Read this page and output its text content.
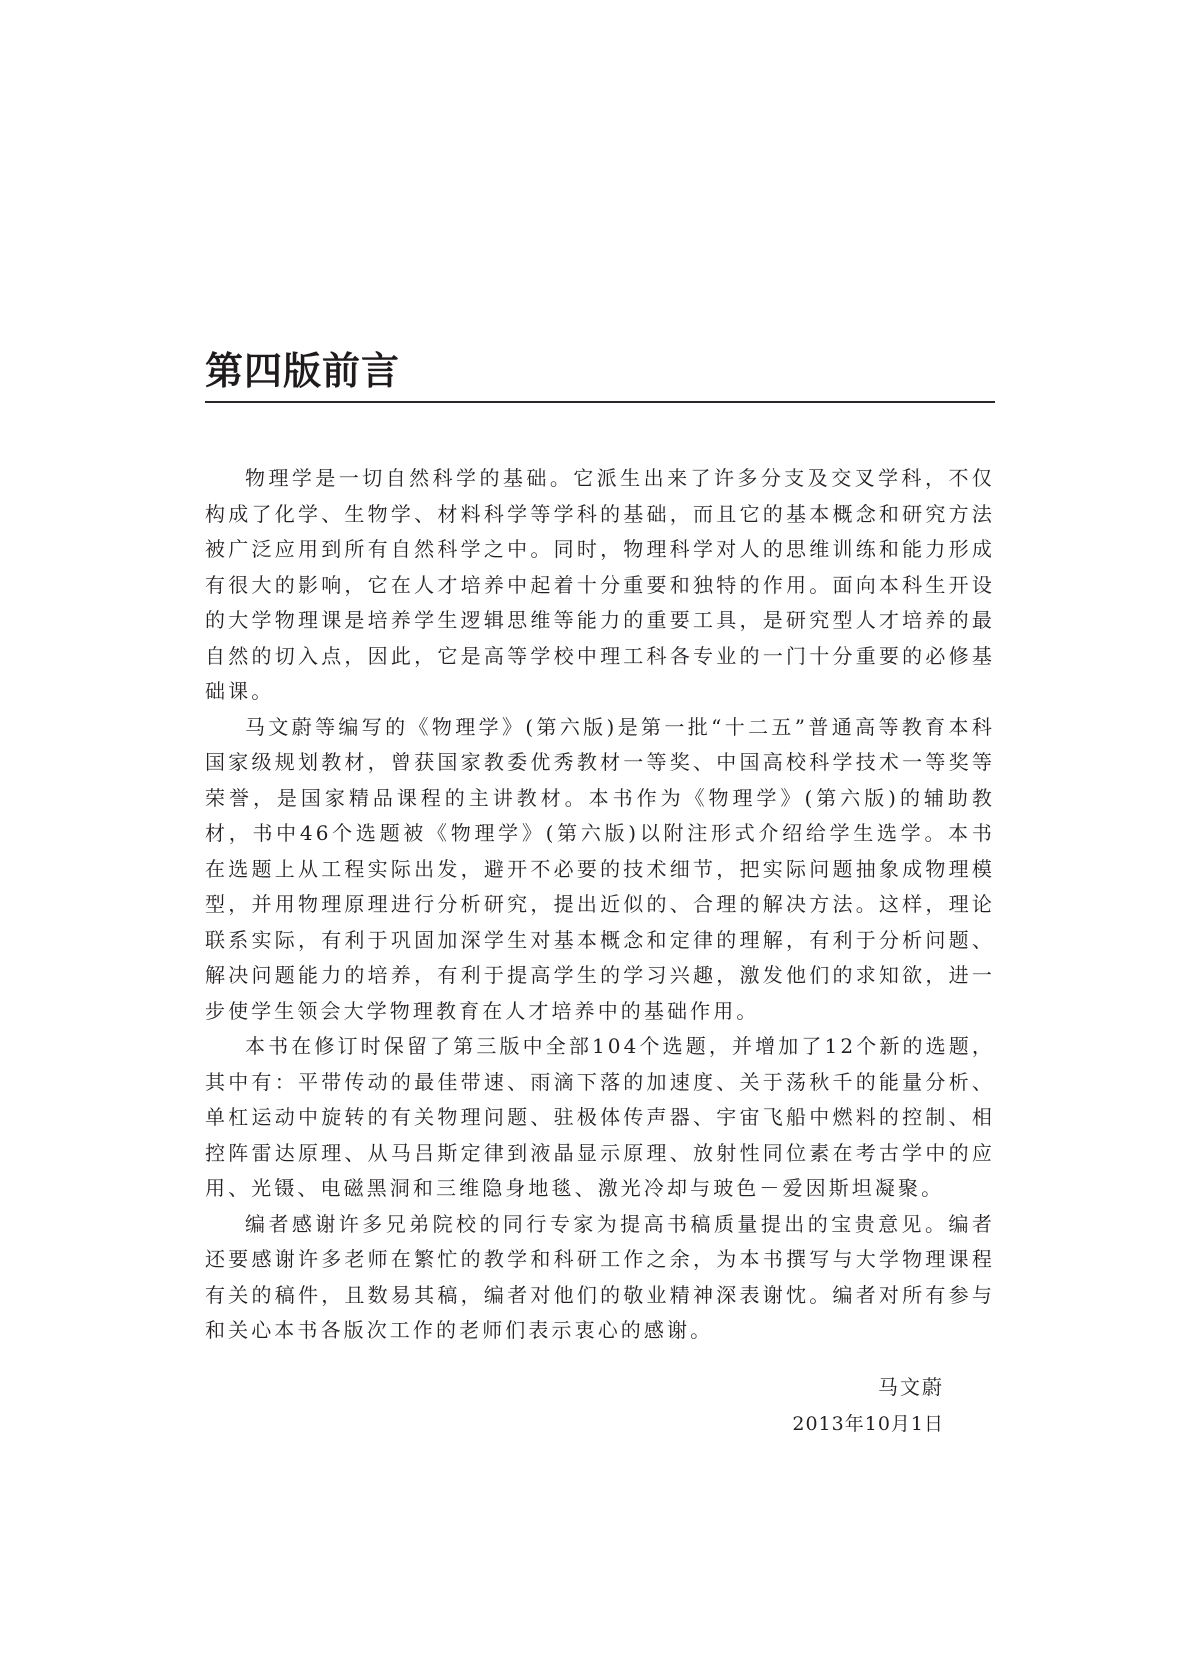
第四版前言

物理学是一切自然科学的基础。它派生出来了许多分支及交叉学科，不仅构成了化学、生物学、材料科学等学科的基础，而且它的基本概念和研究方法被广泛应用到所有自然科学之中。同时，物理科学对人的思维训练和能力形成有很大的影响，它在人才培养中起着十分重要和独特的作用。面向本科生开设的大学物理课是培养学生逻辑思维等能力的重要工具，是研究型人才培养的最自然的切入点，因此，它是高等学校中理工科各专业的一门十分重要的必修基础课。

马文蔚等编写的《物理学》(第六版)是第一批“十二五”普通高等教育本科国家级规划教材，曾获国家教委优秀教材一等奖、中国高校科学技术一等奖等荣誉，是国家精品课程的主讲教材。本书作为《物理学》(第六版)的辅助教材，书中46个选题被《物理学》(第六版)以附注形式介绍给学生选学。本书在选题上从工程实际出发，避开不必要的技术细节，把实际问题抽象成物理模型，并用物理原理进行分析研究，提出近似的、合理的解决方法。这样，理论联系实际，有利于巩固加深学生对基本概念和定律的理解，有利于分析问题、解决问题能力的培养，有利于提高学生的学习兴趣，激发他们的求知欲，进一步使学生领会大学物理教育在人才培养中的基础作用。

本书在修订时保留了第三版中全部104个选题，并增加了12个新的选题，其中有：平带传动的最佳带速、雨滴下落的加速度、关于荡秋千的能量分析、单杠运动中旋转的有关物理问题、驻极体传声器、宇宙飞船中燃料的控制、相控阵雷达原理、从马吕斯定律到液晶显示原理、放射性同位素在考古学中的应用、光镊、电磁黑洞和三维隐身地毯、激光冷却与玻色－爱因斯坦凝聚。

编者感谢许多兄弟院校的同行专家为提高书稿质量提出的宝贵意见。编者还要感谢许多老师在繁忙的教学和科研工作之余，为本书撰写与大学物理课程有关的稿件，且数易其稿，编者对他们的敬业精神深表谢忱。编者对所有参与和关心本书各版次工作的老师们表示衷心的感谢。

马文蔚
2013年10月1日
